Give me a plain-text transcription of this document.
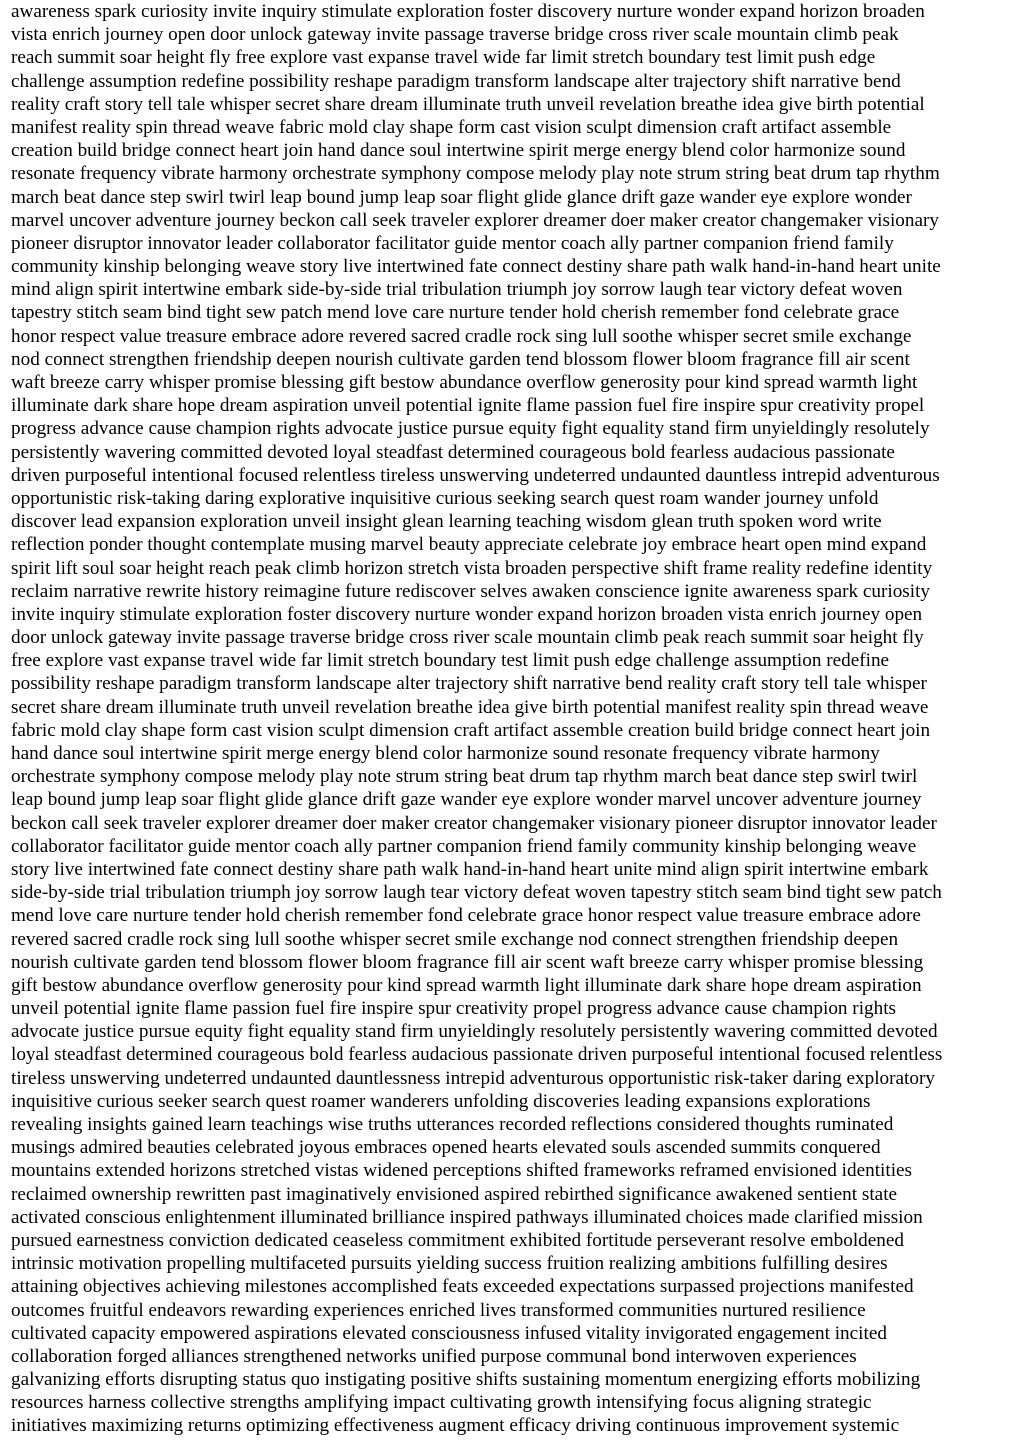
awareness spark curiosity invite inquiry stimulate exploration foster discovery nurture wonder expand horizon broaden
vista enrich journey open door unlock gateway invite passage traverse bridge cross river scale mountain climb peak
reach summit soar height fly free explore vast expanse travel wide far limit stretch boundary test limit push edge
challenge assumption redefine possibility reshape paradigm transform landscape alter trajectory shift narrative bend
reality craft story tell tale whisper secret share dream illuminate truth unveil revelation breathe idea give birth potential
manifest reality spin thread weave fabric mold clay shape form cast vision sculpt dimension craft artifact assemble
creation build bridge connect heart join hand dance soul intertwine spirit merge energy blend color harmonize sound
resonate frequency vibrate harmony orchestrate symphony compose melody play note strum string beat drum tap rhythm
march beat dance step swirl twirl leap bound jump leap soar flight glide glance drift gaze wander eye explore wonder
marvel uncover adventure journey beckon call seek traveler explorer dreamer doer maker creator changemaker visionary
pioneer disruptor innovator leader collaborator facilitator guide mentor coach ally partner companion friend family
community kinship belonging weave story live intertwined fate connect destiny share path walk hand-in-hand heart unite
mind align spirit intertwine embark side-by-side trial tribulation triumph joy sorrow laugh tear victory defeat woven
tapestry stitch seam bind tight sew patch mend love care nurture tender hold cherish remember fond celebrate grace
honor respect value treasure embrace adore revered sacred cradle rock sing lull soothe whisper secret smile exchange
nod connect strengthen friendship deepen nourish cultivate garden tend blossom flower bloom fragrance fill air scent
waft breeze carry whisper promise blessing gift bestow abundance overflow generosity pour kind spread warmth light
illuminate dark share hope dream aspiration unveil potential ignite flame passion fuel fire inspire spur creativity propel
progress advance cause champion rights advocate justice pursue equity fight equality stand firm unyieldingly resolutely
persistently wavering committed devoted loyal steadfast determined courageous bold fearless audacious passionate
driven purposeful intentional focused relentless tireless unswerving undeterred undaunted dauntless intrepid adventurous
opportunistic risk-taking daring explorative inquisitive curious seeking search quest roam wander journey unfold
discover lead expansion exploration unveil insight glean learning teaching wisdom glean truth spoken word write
reflection ponder thought contemplate musing marvel beauty appreciate celebrate joy embrace heart open mind expand
spirit lift soul soar height reach peak climb horizon stretch vista broaden perspective shift frame reality redefine identity
reclaim narrative rewrite history reimagine future rediscover selves awaken conscience ignite awareness spark curiosity
invite inquiry stimulate exploration foster discovery nurture wonder expand horizon broaden vista enrich journey open
door unlock gateway invite passage traverse bridge cross river scale mountain climb peak reach summit soar height fly
free explore vast expanse travel wide far limit stretch boundary test limit push edge challenge assumption redefine
possibility reshape paradigm transform landscape alter trajectory shift narrative bend reality craft story tell tale whisper
secret share dream illuminate truth unveil revelation breathe idea give birth potential manifest reality spin thread weave
fabric mold clay shape form cast vision sculpt dimension craft artifact assemble creation build bridge connect heart join
hand dance soul intertwine spirit merge energy blend color harmonize sound resonate frequency vibrate harmony
orchestrate symphony compose melody play note strum string beat drum tap rhythm march beat dance step swirl twirl
leap bound jump leap soar flight glide glance drift gaze wander eye explore wonder marvel uncover adventure journey
beckon call seek traveler explorer dreamer doer maker creator changemaker visionary pioneer disruptor innovator leader
collaborator facilitator guide mentor coach ally partner companion friend family community kinship belonging weave
story live intertwined fate connect destiny share path walk hand-in-hand heart unite mind align spirit intertwine embark
side-by-side trial tribulation triumph joy sorrow laugh tear victory defeat woven tapestry stitch seam bind tight sew patch
mend love care nurture tender hold cherish remember fond celebrate grace honor respect value treasure embrace adore
revered sacred cradle rock sing lull soothe whisper secret smile exchange nod connect strengthen friendship deepen
nourish cultivate garden tend blossom flower bloom fragrance fill air scent waft breeze carry whisper promise blessing
gift bestow abundance overflow generosity pour kind spread warmth light illuminate dark share hope dream aspiration
unveil potential ignite flame passion fuel fire inspire spur creativity propel progress advance cause champion rights
advocate justice pursue equity fight equality stand firm unyieldingly resolutely persistently wavering committed devoted
loyal steadfast determined courageous bold fearless audacious passionate driven purposeful intentional focused relentless
tireless unswerving undeterred undaunted dauntlessness intrepid adventurous opportunistic risk-taker daring exploratory
inquisitive curious seeker search quest roamer wanderers unfolding discoveries leading expansions explorations
revealing insights gained learn teachings wise truths utterances recorded reflections considered thoughts ruminated
musings admired beauties celebrated joyous embraces opened hearts elevated souls ascended summits conquered
mountains extended horizons stretched vistas widened perceptions shifted frameworks reframed envisioned identities
reclaimed ownership rewritten past imaginatively envisioned aspired rebirthed significance awakened sentient state
activated conscious enlightenment illuminated brilliance inspired pathways illuminated choices made clarified mission
pursued earnestness conviction dedicated ceaseless commitment exhibited fortitude perseverant resolve emboldened
intrinsic motivation propelling multifaceted pursuits yielding success fruition realizing ambitions fulfilling desires
attaining objectives achieving milestones accomplished feats exceeded expectations surpassed projections manifested
outcomes fruitful endeavors rewarding experiences enriched lives transformed communities nurtured resilience
cultivated capacity empowered aspirations elevated consciousness infused vitality invigorated engagement incited
collaboration forged alliances strengthened networks unified purpose communal bond interwoven experiences
galvanizing efforts disrupting status quo instigating positive shifts sustaining momentum energizing efforts mobilizing
resources harness collective strengths amplifying impact cultivating growth intensifying focus aligning strategic
initiatives maximizing returns optimizing effectiveness augment efficacy driving continuous improvement systemic
